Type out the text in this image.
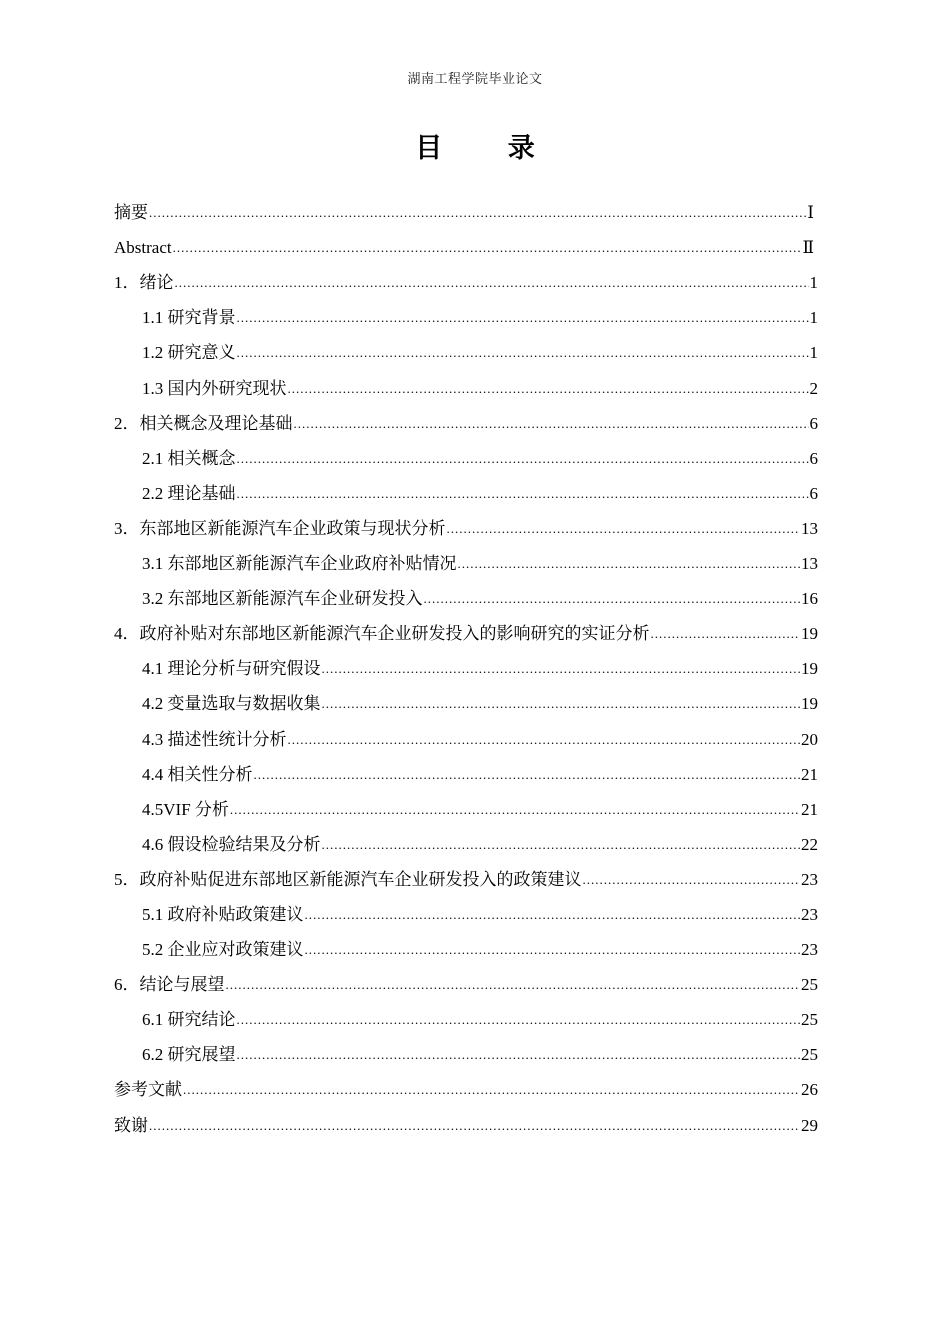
湖南工程学院毕业论文
目 录
摘要 .....	Ⅰ
Abstract .....	Ⅱ
1．绪论 .....	1
1.1 研究背景 .....	1
1.2 研究意义 .....	1
1.3 国内外研究现状 .....	2
2．相关概念及理论基础 .....	6
2.1 相关概念 .....	6
2.2 理论基础 .....	6
3．东部地区新能源汽车企业政策与现状分析 .....	13
3.1 东部地区新能源汽车企业政府补贴情况 .....	13
3.2 东部地区新能源汽车企业研发投入 .....	16
4．政府补贴对东部地区新能源汽车企业研发投入的影响研究的实证分析 .....	19
4.1 理论分析与研究假设 .....	19
4.2 变量选取与数据收集 .....	19
4.3 描述性统计分析 .....	20
4.4 相关性分析 .....	21
4.5VIF 分析 .....	21
4.6 假设检验结果及分析 .....	22
5．政府补贴促进东部地区新能源汽车企业研发投入的政策建议 .....	23
5.1 政府补贴政策建议 .....	23
5.2 企业应对政策建议 .....	23
6．结论与展望 .....	25
6.1 研究结论 .....	25
6.2 研究展望 .....	25
参考文献 .....	26
致谢 .....	29
